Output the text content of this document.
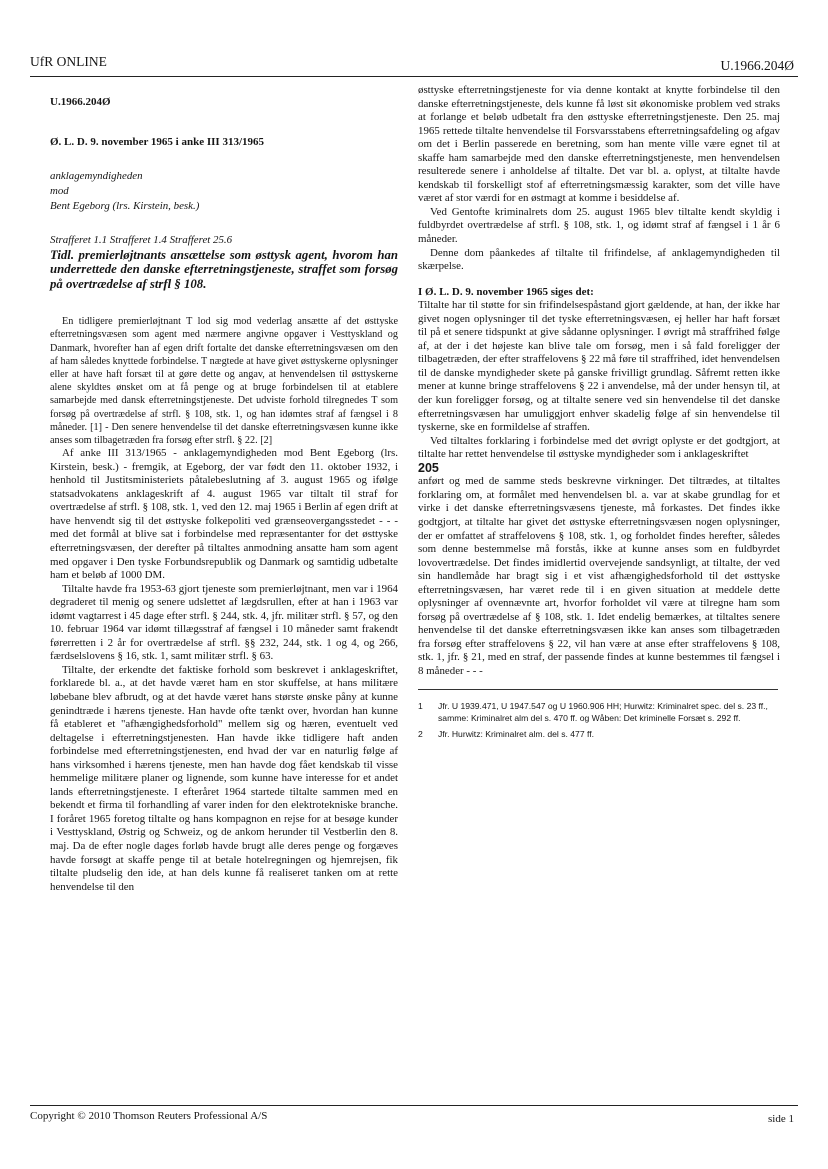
UfR ONLINE	U.1966.204Ø
U.1966.204Ø
Ø. L. D. 9. november 1965 i anke III 313/1965
anklagemyndigheden
mod
Bent Egeborg (lrs. Kirstein, besk.)
Strafferet 1.1 Strafferet 1.4 Strafferet 25.6
Tidl. premierløjtnants ansættelse som østtysk agent, hvorom han underrettede den danske efterretningstjeneste, straffet som forsøg på overtrædelse af strfl § 108.

En tidligere premierløjtnant T lod sig mod vederlag ansætte af det østtyske efterretningsvæsen som agent med nærmere angivne opgaver i Vesttyskland og Danmark, hvorefter han af egen drift fortalte det danske efterretningsvæsen om den af ham således knyttede forbindelse. T nægtede at have givet østtyskerne oplysninger eller at have haft forsæt til at gøre dette og angav, at henvendelsen til østtyskerne alene skyldtes ønsket om at få penge og at bruge forbindelsen til at etablere samarbejde med dansk efterretningstjeneste. Det udviste forhold tilregnedes T som forsøg på overtrædelse af strfl. § 108, stk. 1, og han idømtes straf af fængsel i 8 måneder. [1] - Den senere henvendelse til det danske efterretningsvæsen kunne ikke anses som tilbagetræden fra forsøg efter strfl. § 22. [2]

Af anke III 313/1965 - anklagemyndigheden mod Bent Egeborg (lrs. Kirstein, besk.) - fremgik, at Egeborg, der var født den 11. oktober 1932, i henhold til Justitsministeriets påtalebeslutning af 3. august 1965 og ifølge statsadvokatens anklageskrift af 4. august 1965 var tiltalt til straf for overtrædelse af strfl. § 108, stk. 1, ved den 12. maj 1965 i Berlin af egen drift at have henvendt sig til det østtyske folkepoliti ved grænseovergangsstedet - - - med det formål at blive sat i forbindelse med repræsentanter for det østtyske efterretningsvæsen, der derefter på tiltaltes anmodning ansatte ham som agent med opgaver i Den tyske Forbundsrepublik og Danmark og samtidig udbetalte ham et beløb af 1000 DM.

Tiltalte havde fra 1953-63 gjort tjeneste som premierløjtnant, men var i 1964 degraderet til menig og senere udslettet af lægdsrullen, efter at han i 1963 var idømt vagtarrest i 45 dage efter strfl. § 244, stk. 4, jfr. militær strfl. § 57, og den 10. februar 1964 var idømt tillægsstraf af fængsel i 10 måneder samt frakendt førerretten i 2 år for overtrædelse af strfl. §§ 232, 244, stk. 1 og 4, og 266, færdselslovens § 16, stk. 1, samt militær strfl. § 63.

Tiltalte, der erkendte det faktiske forhold som beskrevet i anklageskriftet, forklarede bl. a., at det havde været ham en stor skuffelse, at hans militære løbebane blev afbrudt, og at det havde været hans største ønske påny at kunne genindtræde i hærens tjeneste. Han havde ofte tænkt over, hvordan han kunne få etableret et "afhængighedsforhold" mellem sig og hæren, eventuelt ved deltagelse i efterretningstjenesten. Han havde ikke tidligere haft anden forbindelse med efterretningstjenesten, end hvad der var en naturlig følge af hans virksomhed i hærens tjeneste, men han havde dog fået kendskab til visse hemmelige militære planer og lignende, som kunne have interesse for et andet lands efterretningstjeneste. I efteråret 1964 startede tiltalte sammen med en bekendt et firma til forhandling af varer inden for den elektrotekniske branche. I foråret 1965 foretog tiltalte og hans kompagnon en rejse for at besøge kunder i Vesttyskland, Østrig og Schweiz, og de ankom herunder til Vestberlin den 8. maj. Da de efter nogle dages forløb havde brugt alle deres penge og forgæves havde forsøgt at skaffe penge til at betale hotelregningen og hjemrejsen, fik tiltalte pludselig den ide, at han dels kunne få realiseret tanken om at rette henvendelse til den

østtyske efterretningstjeneste for via denne kontakt at knytte forbindelse til den danske efterretningstjeneste, dels kunne få løst sit økonomiske problem ved straks at forlange et beløb udbetalt fra den østtyske efterretningstjeneste. Den 25. maj 1965 rettede tiltalte henvendelse til Forsvarsstabens efterretningsafdeling og afgav om det i Berlin passerede en beretning, som han mente ville være egnet til at skaffe ham samarbejde med den danske efterretningstjeneste, men henvendelsen resulterede senere i anholdelse af tiltalte. Det var bl. a. oplyst, at tiltalte havde kendskab til forskelligt stof af efterretningsmæssig karakter, som det ville have været af stor værdi for en østmagt at komme i besiddelse af.

Ved Gentofte kriminalrets dom 25. august 1965 blev tiltalte kendt skyldig i fuldbyrdet overtrædelse af strfl. § 108, stk. 1, og idømt straf af fængsel i 1 år 6 måneder.

Denne dom påankedes af tiltalte til frifindelse, af anklagemyndigheden til skærpelse.

I Ø. L. D. 9. november 1965 siges det:

Tiltalte har til støtte for sin frifindelsespåstand gjort gældende, at han, der ikke har givet nogen oplysninger til det tyske efterretningsvæsen, ej heller har haft forsæt til på et senere tidspunkt at give sådanne oplysninger. I øvrigt må straffrihed følge af, at der i det højeste kan blive tale om forsøg, men i så fald foreligger der tilbagetræden, der efter straffelovens § 22 må føre til straffrihed, idet henvendelsen til de danske myndigheder skete på ganske frivilligt grundlag. Såfremt retten ikke mener at kunne bringe straffelovens § 22 i anvendelse, må der under hensyn til, at der kun foreligger forsøg, og at tiltalte senere ved sin henvendelse til det danske efterretningsvæsen har umuliggjort enhver skadelig følge af sin henvendelse til tyskerne, ske en formildelse af straffen.

Ved tiltaltes forklaring i forbindelse med det øvrigt oplyste er det godtgjort, at tiltalte har rettet henvendelse til østtyske myndigheder som i anklageskriftet

205

anført og med de samme steds beskrevne virkninger. Det tiltrædes, at tiltaltes forklaring om, at formålet med henvendelsen bl. a. var at skabe grundlag for et virke i det danske efterretningsvæsens tjeneste, må forkastes. Det findes ikke godtgjort, at tiltalte har givet det østtyske efterretningsvæsen nogen oplysninger, der er omfattet af straffelovens § 108, stk. 1, og forholdet findes herefter, således som denne bestemmelse må forstås, ikke at kunne anses som en fuldbyrdet lovovertrædelse. Det findes imidlertid overvejende sandsynligt, at tiltalte, der ved sin handlemåde har bragt sig i et vist afhængighedsforhold til det østtyske efterretningsvæsen, har været rede til i en given situation at meddele dette oplysninger af ovennævnte art, hvorfor forholdet vil være at tilregne ham som forsøg på overtrædelse af § 108, stk. 1. Idet endelig bemærkes, at tiltaltes senere henvendelse til det danske efterretningsvæsen ikke kan anses som tilbagetræden fra forsøg efter straffelovens § 22, vil han være at anse efter straffelovens § 108, stk. 1, jfr. § 21, med en straf, der passende findes at kunne bestemmes til fængsel i 8 måneder - - -

1	Jfr. U 1939.471, U 1947.547 og U 1960.906 HH; Hurwitz: Kriminalret spec. del s. 23 ff., samme: Kriminalret alm del s. 470 ff. og Wåben: Det kriminelle Forsæt s. 292 ff.
2	Jfr. Hurwitz: Kriminalret alm. del s. 477 ff.
Copyright © 2010 Thomson Reuters Professional A/S	side 1
